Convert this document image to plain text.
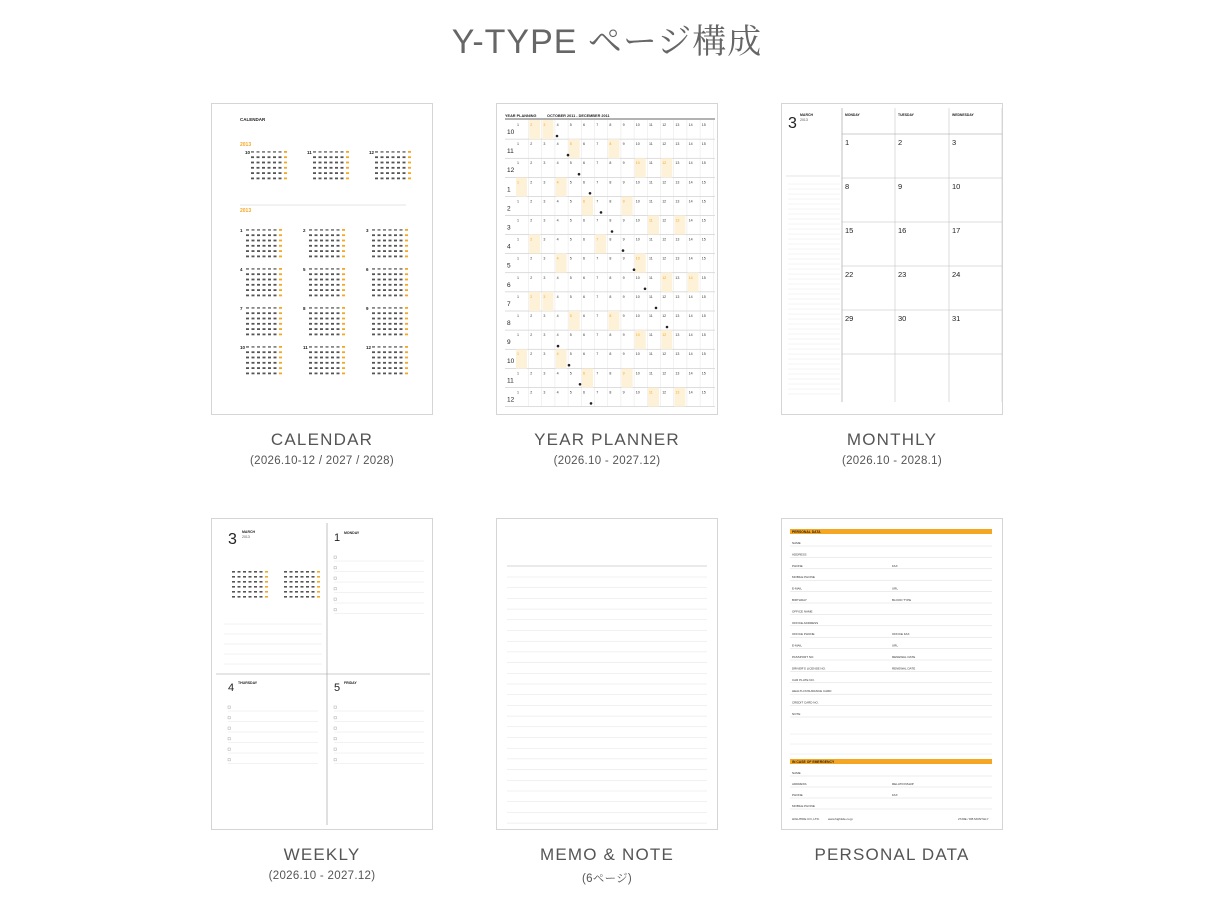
Y-TYPE ページ構成
CALENDAR
2013
10	11	12
2013
1	2	3
4	5	6
7	8	9
10	11	12
CALENDAR
(2026.10-12 / 2027 / 2028)
YEAR PLANNING	OCTOBER 2011 - DECEMBER 2011
10
1	2	3	4	5	6	7	8	9	10	11	12	13	14	15
11
1	2	3	4	5	6	7	8	9	10	11	12	13	14	15
12
1	2	3	4	5	6	7	8	9	10	11	12	13	14	15
1
1	2	3	4	5	6	7	8	9	10	11	12	13	14	15
2
1	2	3	4	5	6	7	8	9	10	11	12	13	14	15
3
1	2	3	4	5	6	7	8	9	10	11	12	13	14	15
4
1	2	3	4	5	6	7	8	9	10	11	12	13	14	15
5
1	2	3	4	5	6	7	8	9	10	11	12	13	14	15
6
1	2	3	4	5	6	7	8	9	10	11	12	13	14	15
7
1	2	3	4	5	6	7	8	9	10	11	12	13	14	15
8
1	2	3	4	5	6	7	8	9	10	11	12	13	14	15
9
1	2	3	4	5	6	7	8	9	10	11	12	13	14	15
10
1	2	3	4	5	6	7	8	9	10	11	12	13	14	15
11
1	2	3	4	5	6	7	8	9	10	11	12	13	14	15
12
1	2	3	4	5	6	7	8	9	10	11	12	13	14	15
YEAR PLANNER
(2026.10 - 2027.12)
3 MARCH
2013
MONDAY	TUESDAY	WEDNESDAY
1	2	3
8	9	10
15	16	17
22	23	24
29	30	31
MONTHLY
(2026.10 - 2028.1)
3 MARCH
2013	1 MONDAY
4 THURSDAY	5 FRIDAY
WEEKLY
(2026.10 - 2027.12)
MEMO & NOTE
(6ページ)
PERSONAL DATA
NAME
ADDRESS
PHONE	FAX
MOBILE PHONE
E-MAIL	URL
BIRTHDAY	BLOOD TYPE
OFFICE NAME
OFFICE ADDRESS
OFFICE PHONE	OFFICE FAX
E-MAIL	URL
PASSPORT NO.	RENEWAL DATE
DRIVER'S LICENSE NO.	RENEWAL DATE
CAR PLATE NO.
HEALTH INSURANCE CARD
CREDIT CARD NO.
NOTE
IN CASE OF EMERGENCY
NAME
ADDRESS	RELATIONSHIP
PHONE	FAX
MOBILE PHONE
HIGHTIDE CO.,LTD.	www.hightide.co.jp	2720E / DB MONTHLY
PERSONAL DATA
